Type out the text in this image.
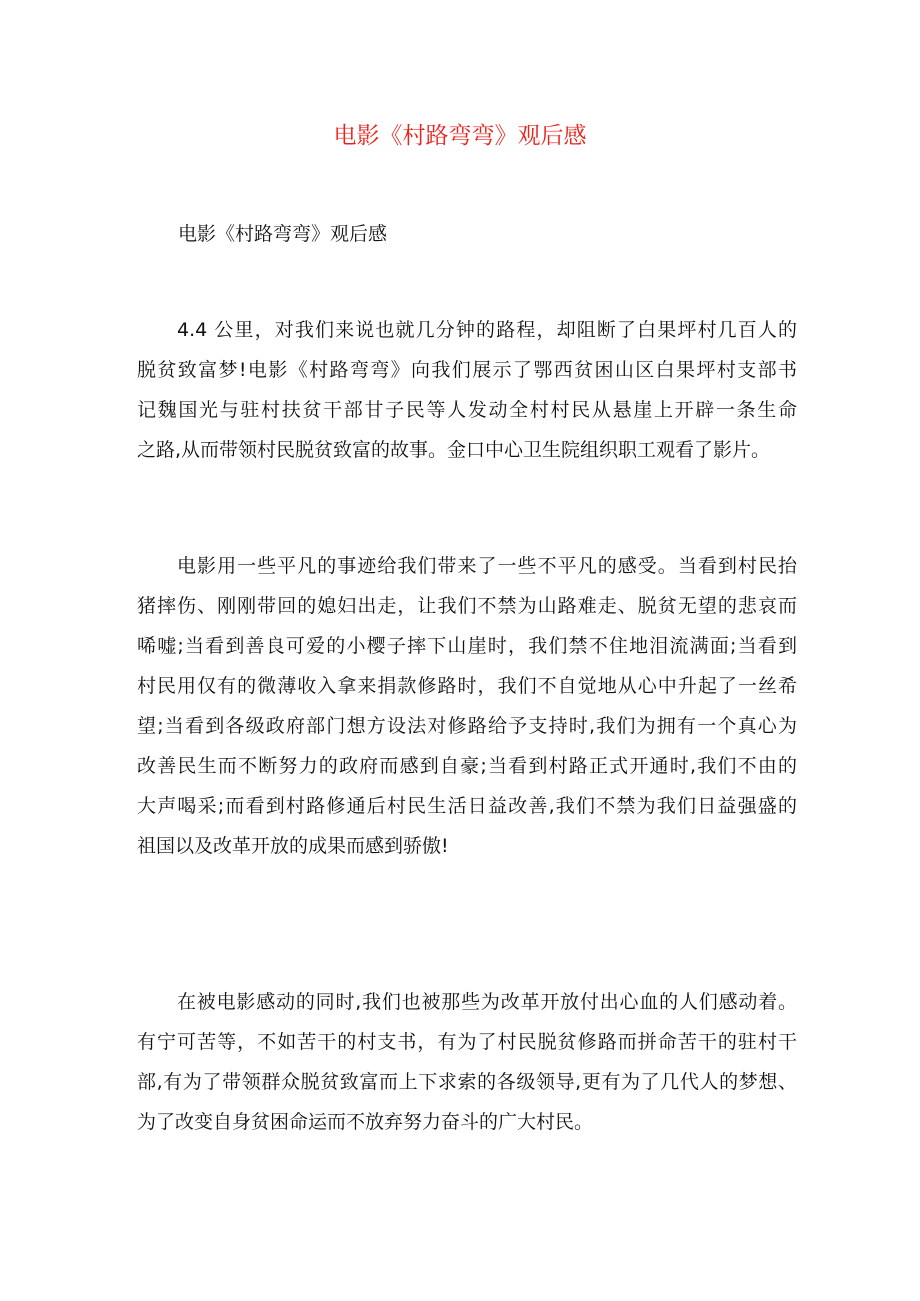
电影《村路弯弯》观后感
电影《村路弯弯》观后感
4.4 公里，对我们来说也就几分钟的路程，却阻断了白果坪村几百人的
脱贫致富梦!电影《村路弯弯》向我们展示了鄂西贫困山区白果坪村支部书
记魏国光与驻村扶贫干部甘子民等人发动全村村民从悬崖上开辟一条生命
之路,从而带领村民脱贫致富的故事。金口中心卫生院组织职工观看了影片。
电影用一些平凡的事迹给我们带来了一些不平凡的感受。当看到村民抬
猪摔伤、刚刚带回的媳妇出走，让我们不禁为山路难走、脱贫无望的悲哀而
唏嘘;当看到善良可爱的小樱子摔下山崖时，我们禁不住地泪流满面;当看到
村民用仅有的微薄收入拿来捐款修路时，我们不自觉地从心中升起了一丝希
望;当看到各级政府部门想方设法对修路给予支持时,我们为拥有一个真心为
改善民生而不断努力的政府而感到自豪;当看到村路正式开通时,我们不由的
大声喝采;而看到村路修通后村民生活日益改善,我们不禁为我们日益强盛的
祖国以及改革开放的成果而感到骄傲!
在被电影感动的同时,我们也被那些为改革开放付出心血的人们感动着。
有宁可苦等，不如苦干的村支书，有为了村民脱贫修路而拼命苦干的驻村干
部,有为了带领群众脱贫致富而上下求索的各级领导,更有为了几代人的梦想、
为了改变自身贫困命运而不放弃努力奋斗的广大村民。
